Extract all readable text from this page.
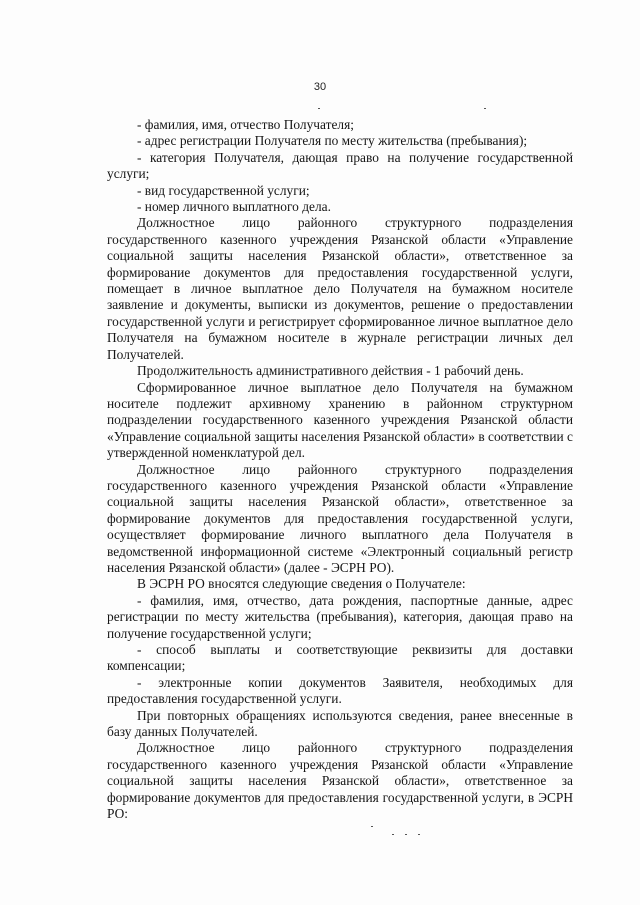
30

- фамилия, имя, отчество Получателя;

- адрес регистрации Получателя по месту жительства (пребывания);

- категория Получателя, дающая право на получение государственной услуги;

- вид государственной услуги;

- номер личного выплатного дела.

Должностное лицо районного структурного подразделения государственного казенного учреждения Рязанской области «Управление социальной защиты населения Рязанской области», ответственное за формирование документов для предоставления государственной услуги, помещает в личное выплатное дело Получателя на бумажном носителе заявление и документы, выписки из документов, решение о предоставлении государственной услуги и регистрирует сформированное личное выплатное дело Получателя на бумажном носителе в журнале регистрации личных дел Получателей.

Продолжительность административного действия - 1 рабочий день.

Сформированное личное выплатное дело Получателя на бумажном носителе подлежит архивному хранению в районном структурном подразделении государственного казенного учреждения Рязанской области «Управление социальной защиты населения Рязанской области» в соответствии с утвержденной номенклатурой дел.

Должностное лицо районного структурного подразделения государственного казенного учреждения Рязанской области «Управление социальной защиты населения Рязанской области», ответственное за формирование документов для предоставления государственной услуги, осуществляет формирование личного выплатного дела Получателя в ведомственной информационной системе «Электронный социальный регистр населения Рязанской области» (далее - ЭСРН РО).

В ЭСРН РО вносятся следующие сведения о Получателе:

- фамилия, имя, отчество, дата рождения, паспортные данные, адрес регистрации по месту жительства (пребывания), категория, дающая право на получение государственной услуги;

- способ выплаты и соответствующие реквизиты для доставки компенсации;

- электронные копии документов Заявителя, необходимых для предоставления государственной услуги.

При повторных обращениях используются сведения, ранее внесенные в базу данных Получателей.

Должностное лицо районного структурного подразделения государственного казенного учреждения Рязанской области «Управление социальной защиты населения Рязанской области», ответственное за формирование документов для предоставления государственной услуги, в ЭСРН РО:
